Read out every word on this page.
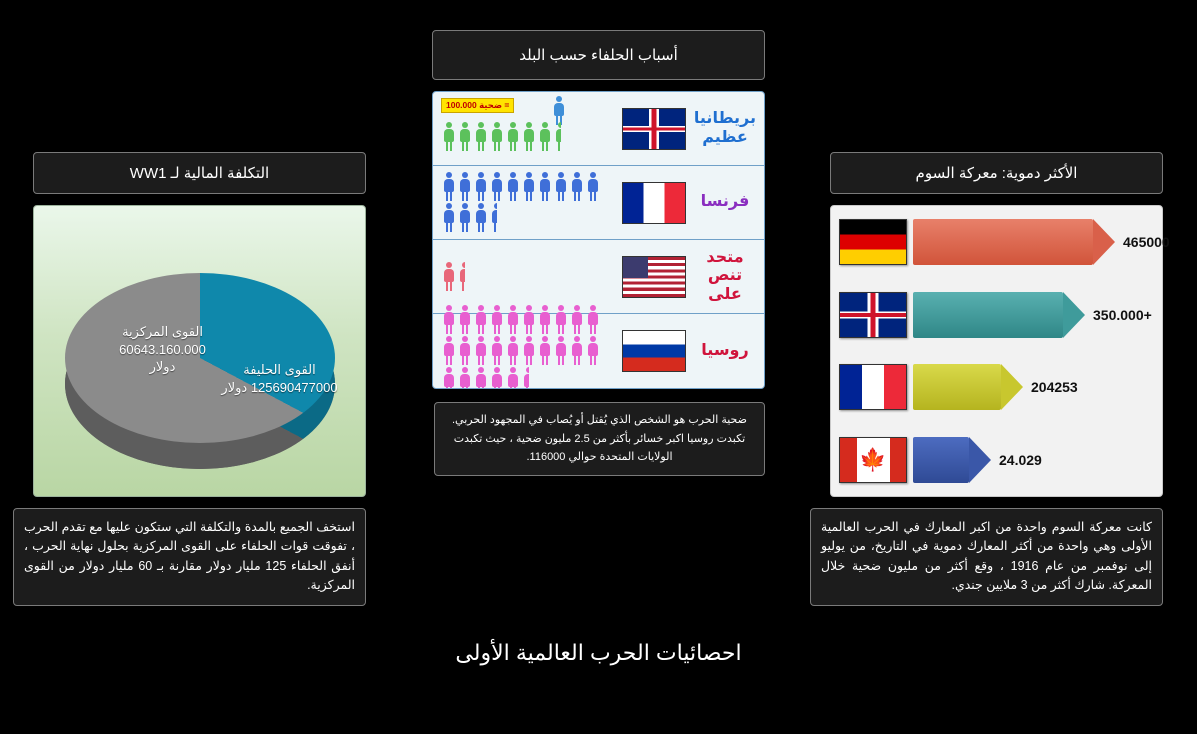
التكلفة المالية لـ WW1
القوى المركزية
60643.160.000
دولار	القوى الحليفة
125690477000 دولار
استخف الجميع بالمدة والتكلفة التي ستكون عليها مع تقدم الحرب ، تفوقت قوات الحلفاء على القوى المركزية بحلول نهاية الحرب ، أنفق الحلفاء 125 مليار دولار مقارنة بـ 60 مليار دولار من القوى المركزية.
أسباب الحلفاء حسب البلد
ضحية 100.000 =
بريطانيا عظيم
فرنسا
متحد تنص على
روسيا
ضحية الحرب هو الشخص الذي يُقتل أو يُصاب في المجهود الحربي. تكبدت روسيا اكبر خسائر بأكثر من 2.5 مليون ضحية ، حيث تكبدت الولايات المتحدة حوالي 116000.
الأكثر دموية: معركة السوم
465000
350.000+
204253
🍁	24.029
كانت معركة السوم واحدة من اكبر المعارك في الحرب العالمية الأولى وهي واحدة من أكثر المعارك دموية في التاريخ، من يوليو إلى نوفمبر من عام 1916 ، وقع أكثر من مليون ضحية خلال المعركة. شارك أكثر من 3 ملايين جندي.
احصائيات الحرب العالمية الأولى
